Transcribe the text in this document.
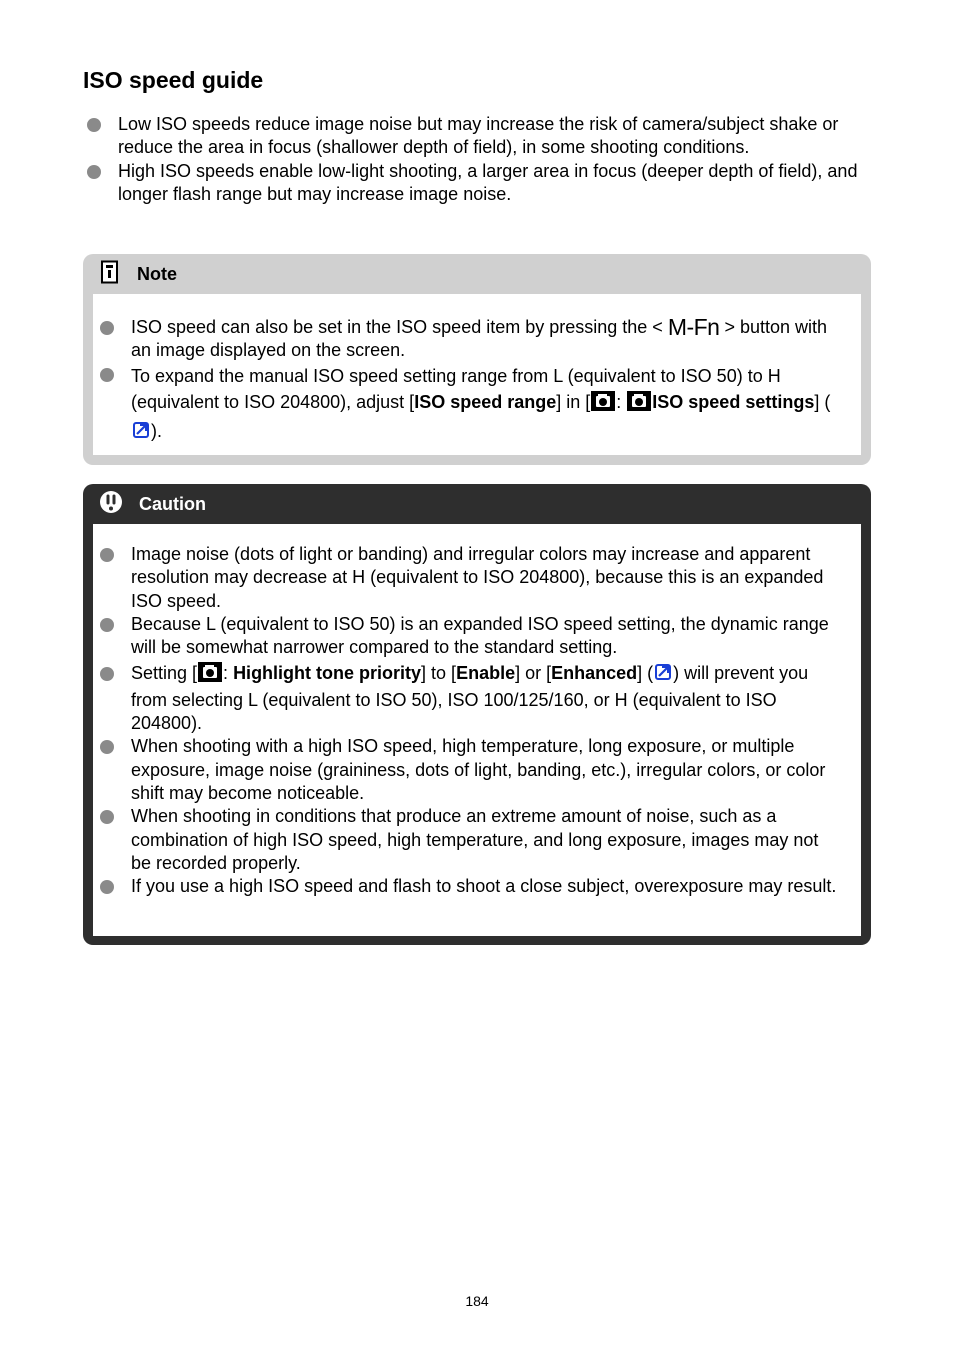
ISO speed guide
Low ISO speeds reduce image noise but may increase the risk of camera/subject shake or reduce the area in focus (shallower depth of field), in some shooting conditions.
High ISO speeds enable low-light shooting, a larger area in focus (deeper depth of field), and longer flash range but may increase image noise.
Note
ISO speed can also be set in the ISO speed item by pressing the < M-Fn > button with an image displayed on the screen.
To expand the manual ISO speed setting range from L (equivalent to ISO 50) to H (equivalent to ISO 204800), adjust [ISO speed range] in [ : ISO speed settings] ().
Caution
Image noise (dots of light or banding) and irregular colors may increase and apparent resolution may decrease at H (equivalent to ISO 204800), because this is an expanded ISO speed.
Because L (equivalent to ISO 50) is an expanded ISO speed setting, the dynamic range will be somewhat narrower compared to the standard setting.
Setting [ : Highlight tone priority] to [Enable] or [Enhanced] ( ) will prevent you from selecting L (equivalent to ISO 50), ISO 100/125/160, or H (equivalent to ISO 204800).
When shooting with a high ISO speed, high temperature, long exposure, or multiple exposure, image noise (graininess, dots of light, banding, etc.), irregular colors, or color shift may become noticeable.
When shooting in conditions that produce an extreme amount of noise, such as a combination of high ISO speed, high temperature, and long exposure, images may not be recorded properly.
If you use a high ISO speed and flash to shoot a close subject, overexposure may result.
184
